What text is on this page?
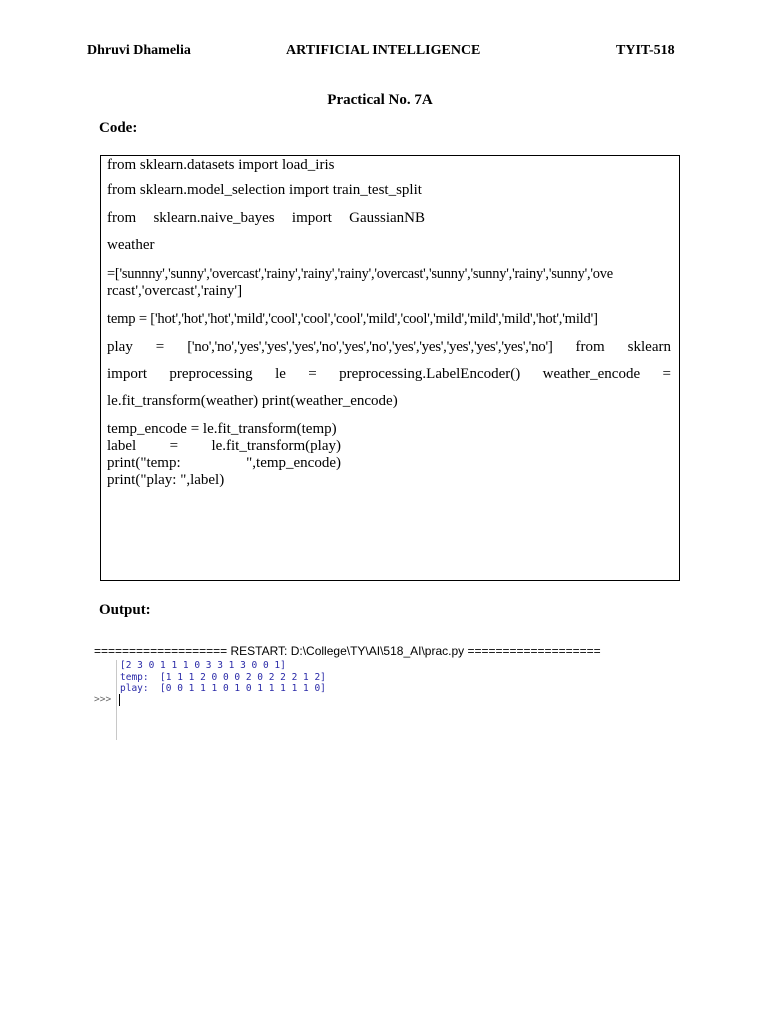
Dhruvi Dhamelia	ARTIFICIAL INTELLIGENCE	TYIT-518
Practical No. 7A
Code:
from sklearn.datasets import load_iris
from sklearn.model_selection import train_test_split
from sklearn.naive_bayes import GaussianNB
weather
=['sunnny','sunny','overcast','rainy','rainy','rainy','overcast','sunny','sunny','rainy','sunny','ove
rcast','overcast','rainy']
temp = ['hot','hot','hot','mild','cool','cool','cool','mild','cool','mild','mild','mild','hot','mild']
play = ['no','no','yes','yes','yes','no','yes','no','yes','yes','yes','yes','yes','no'] from sklearn
import preprocessing le = preprocessing.LabelEncoder() weather_encode =
le.fit_transform(weather) print(weather_encode)
temp_encode = le.fit_transform(temp)
label = le.fit_transform(play)
print("temp:	",temp_encode)
print("play: ",label)
Output:
=================== RESTART: D:\College\TY\AI\518_AI\prac.py ===================
[2 3 0 1 1 1 0 3 3 1 3 0 0 1]
temp:  [1 1 1 2 0 0 0 2 0 2 2 2 1 2]
play:  [0 0 1 1 1 0 1 0 1 1 1 1 1 0]
>>>
